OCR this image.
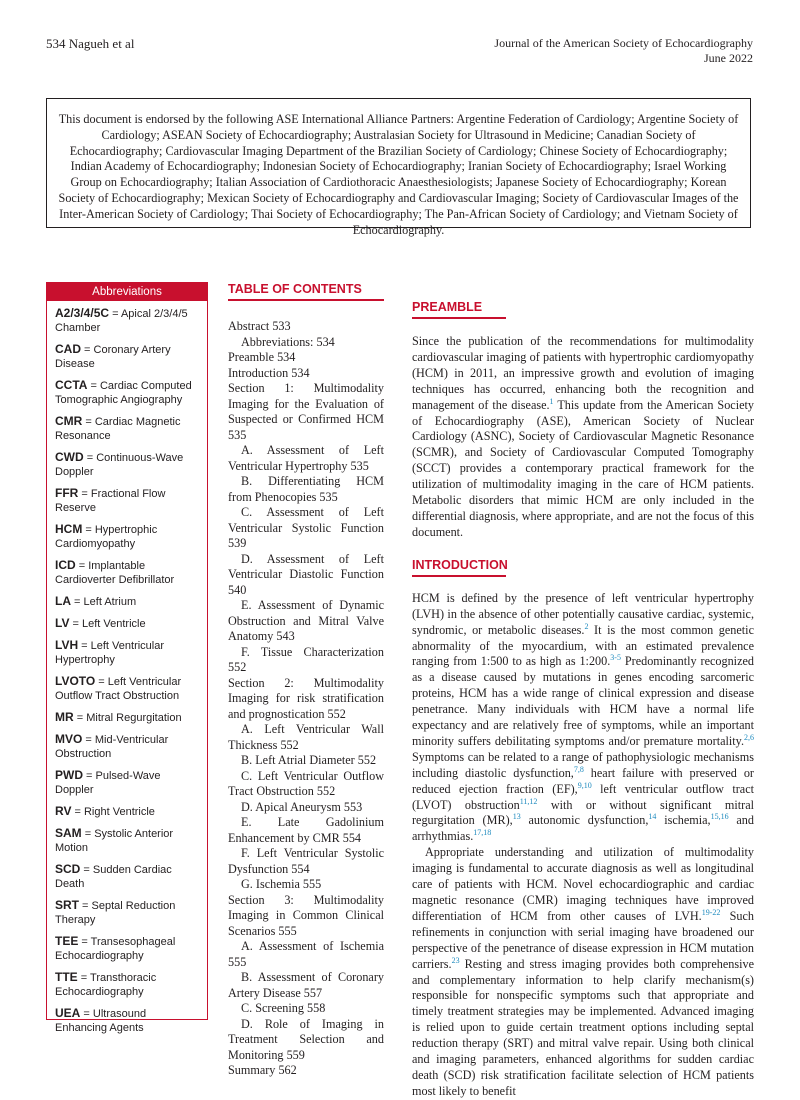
534 Nagueh et al	Journal of the American Society of Echocardiography
June 2022
This document is endorsed by the following ASE International Alliance Partners: Argentine Federation of Cardiology; Argentine Society of Cardiology; ASEAN Society of Echocardiography; Australasian Society for Ultrasound in Medicine; Canadian Society of Echocardiography; Cardiovascular Imaging Department of the Brazilian Society of Cardiology; Chinese Society of Echocardiography; Indian Academy of Echocardiography; Indonesian Society of Echocardiography; Iranian Society of Echocardiography; Israel Working Group on Echocardiography; Italian Association of Cardiothoracic Anaesthesiologists; Japanese Society of Echocardiography; Korean Society of Echocardiography; Mexican Society of Echocardiography and Cardiovascular Imaging; Society of Cardiovascular Images of the Inter-American Society of Cardiology; Thai Society of Echocardiography; The Pan-African Society of Cardiology; and Vietnam Society of Echocardiography.
Abbreviations
A2/3/4/5C = Apical 2/3/4/5 Chamber
CAD = Coronary Artery Disease
CCTA = Cardiac Computed Tomographic Angiography
CMR = Cardiac Magnetic Resonance
CWD = Continuous-Wave Doppler
FFR = Fractional Flow Reserve
HCM = Hypertrophic Cardiomyopathy
ICD = Implantable Cardioverter Defibrillator
LA = Left Atrium
LV = Left Ventricle
LVH = Left Ventricular Hypertrophy
LVOTO = Left Ventricular Outflow Tract Obstruction
MR = Mitral Regurgitation
MVO = Mid-Ventricular Obstruction
PWD = Pulsed-Wave Doppler
RV = Right Ventricle
SAM = Systolic Anterior Motion
SCD = Sudden Cardiac Death
SRT = Septal Reduction Therapy
TEE = Transesophageal Echocardiography
TTE = Transthoracic Echocardiography
UEA = Ultrasound Enhancing Agents
TABLE OF CONTENTS

Abstract 533

Abbreviations: 534

Preamble 534

Introduction 534

Section 1: Multimodality Imaging for the Evaluation of Suspected or Confirmed HCM 535

A. Assessment of Left Ventricular Hypertrophy 535

B. Differentiating HCM from Phenocopies 535

C. Assessment of Left Ventricular Systolic Function 539

D. Assessment of Left Ventricular Diastolic Function 540

E. Assessment of Dynamic Obstruction and Mitral Valve Anatomy 543

F. Tissue Characterization 552

Section 2: Multimodality Imaging for risk stratification and prognostication 552

A. Left Ventricular Wall Thickness 552

B. Left Atrial Diameter 552

C. Left Ventricular Outflow Tract Obstruction 552

D. Apical Aneurysm 553

E. Late Gadolinium Enhancement by CMR 554

F. Left Ventricular Systolic Dysfunction 554

G. Ischemia 555

Section 3: Multimodality Imaging in Common Clinical Scenarios 555

A. Assessment of Ischemia 555

B. Assessment of Coronary Artery Disease 557

C. Screening 558

D. Role of Imaging in Treatment Selection and Monitoring 559

Summary 562

PREAMBLE

Since the publication of the recommendations for multimodality cardiovascular imaging of patients with hypertrophic cardiomyopathy (HCM) in 2011, an impressive growth and evolution of imaging techniques has occurred, enhancing both the recognition and management of the disease.$^1$ This update from the American Society of Echocardiography (ASE), American Society of Nuclear Cardiology (ASNC), Society of Cardiovascular Magnetic Resonance (SCMR), and Society of Cardiovascular Computed Tomography (SCCT) provides a contemporary practical framework for the utilization of multimodality imaging in the care of HCM patients. Metabolic disorders that mimic HCM are only included in the differential diagnosis, where appropriate, and are not the focus of this document.

INTRODUCTION

HCM is defined by the presence of left ventricular hypertrophy (LVH) in the absence of other potentially causative cardiac, systemic, syndromic, or metabolic diseases.$^2$ It is the most common genetic abnormality of the myocardium, with an estimated prevalence ranging from 1:500 to as high as 1:200.$^{3-5}$ Predominantly recognized as a disease caused by mutations in genes encoding sarcomeric proteins, HCM has a wide range of clinical expression and disease penetrance. Many individuals with HCM have a normal life expectancy and are relatively free of symptoms, while an important minority suffers debilitating symptoms and/or premature mortality.$^{2,6}$ Symptoms can be related to a range of pathophysiologic mechanisms including diastolic dysfunction,$^{7,8}$ heart failure with preserved or reduced ejection fraction (EF),$^{9,10}$ left ventricular outflow tract (LVOT) obstruction$^{11,12}$ with or without significant mitral regurgitation (MR),$^{13}$ autonomic dysfunction,$^{14}$ ischemia,$^{15,16}$ and arrhythmias.$^{17,18}$

Appropriate understanding and utilization of multimodality imaging is fundamental to accurate diagnosis as well as longitudinal care of patients with HCM. Novel echocardiographic and cardiac magnetic resonance (CMR) imaging techniques have improved differentiation of HCM from other causes of LVH.$^{19-22}$ Such refinements in conjunction with serial imaging have broadened our perspective of the penetrance of disease expression in HCM mutation carriers.$^{23}$ Resting and stress imaging provides both comprehensive and complementary information to help clarify mechanism(s) responsible for nonspecific symptoms such that appropriate and timely treatment strategies may be implemented. Advanced imaging is relied upon to guide certain treatment options including septal reduction therapy (SRT) and mitral valve repair. Using both clinical and imaging parameters, enhanced algorithms for sudden cardiac death (SCD) risk stratification facilitate selection of HCM patients most likely to benefit
